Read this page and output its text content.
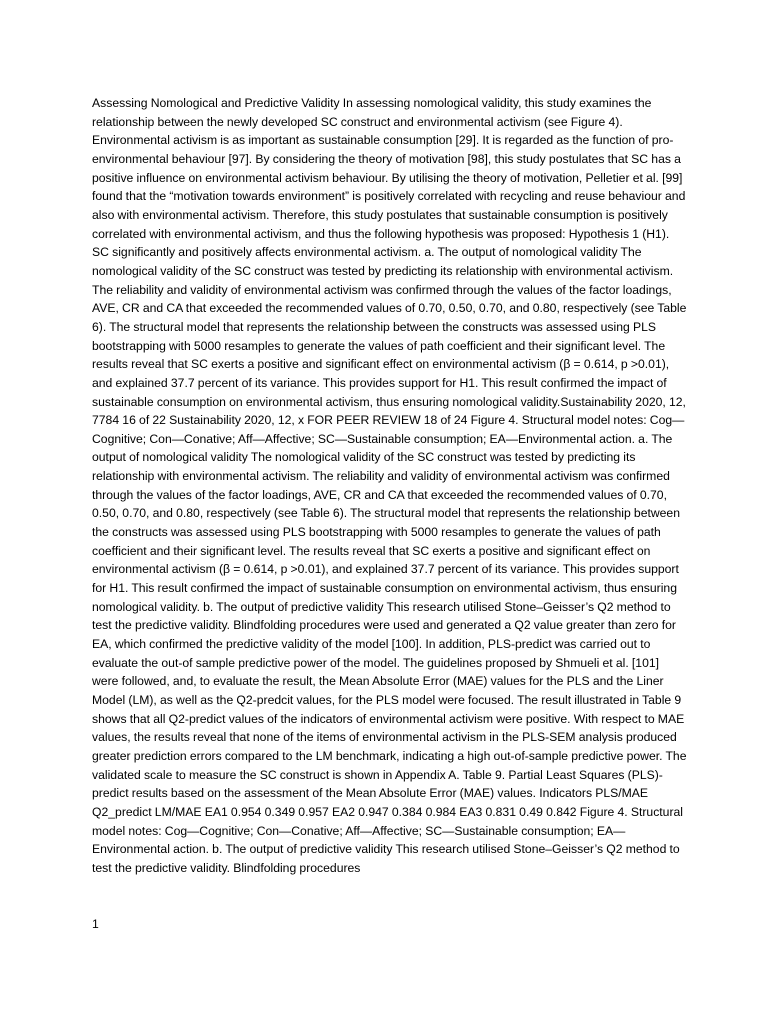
Assessing Nomological and Predictive Validity In assessing nomological validity, this study examines the relationship between the newly developed SC construct and environmental activism (see Figure 4). Environmental activism is as important as sustainable consumption [29]. It is regarded as the function of pro-environmental behaviour [97]. By considering the theory of motivation [98], this study postulates that SC has a positive influence on environmental activism behaviour. By utilising the theory of motivation, Pelletier et al. [99] found that the “motivation towards environment” is positively correlated with recycling and reuse behaviour and also with environmental activism. Therefore, this study postulates that sustainable consumption is positively correlated with environmental activism, and thus the following hypothesis was proposed: Hypothesis 1 (H1). SC significantly and positively affects environmental activism. a. The output of nomological validity The nomological validity of the SC construct was tested by predicting its relationship with environmental activism. The reliability and validity of environmental activism was confirmed through the values of the factor loadings, AVE, CR and CA that exceeded the recommended values of 0.70, 0.50, 0.70, and 0.80, respectively (see Table 6). The structural model that represents the relationship between the constructs was assessed using PLS bootstrapping with 5000 resamples to generate the values of path coefficient and their significant level. The results reveal that SC exerts a positive and significant effect on environmental activism (β = 0.614, p >0.01), and explained 37.7 percent of its variance. This provides support for H1. This result confirmed the impact of sustainable consumption on environmental activism, thus ensuring nomological validity.Sustainability 2020, 12, 7784 16 of 22 Sustainability 2020, 12, x FOR PEER REVIEW 18 of 24 Figure 4. Structural model notes: Cog—Cognitive; Con—Conative; Aff—Affective; SC—Sustainable consumption; EA—Environmental action. a. The output of nomological validity The nomological validity of the SC construct was tested by predicting its relationship with environmental activism. The reliability and validity of environmental activism was confirmed through the values of the factor loadings, AVE, CR and CA that exceeded the recommended values of 0.70, 0.50, 0.70, and 0.80, respectively (see Table 6). The structural model that represents the relationship between the constructs was assessed using PLS bootstrapping with 5000 resamples to generate the values of path coefficient and their significant level. The results reveal that SC exerts a positive and significant effect on environmental activism (β = 0.614, p >0.01), and explained 37.7 percent of its variance. This provides support for H1. This result confirmed the impact of sustainable consumption on environmental activism, thus ensuring nomological validity. b. The output of predictive validity This research utilised Stone–Geisser’s Q2 method to test the predictive validity. Blindfolding procedures were used and generated a Q2 value greater than zero for EA, which confirmed the predictive validity of the model [100]. In addition, PLS-predict was carried out to evaluate the out-of sample predictive power of the model. The guidelines proposed by Shmueli et al. [101] were followed, and, to evaluate the result, the Mean Absolute Error (MAE) values for the PLS and the Liner Model (LM), as well as the Q2-predcit values, for the PLS model were focused. The result illustrated in Table 9 shows that all Q2-predict values of the indicators of environmental activism were positive. With respect to MAE values, the results reveal that none of the items of environmental activism in the PLS-SEM analysis produced greater prediction errors compared to the LM benchmark, indicating a high out-of-sample predictive power. The validated scale to measure the SC construct is shown in Appendix A. Table 9. Partial Least Squares (PLS)-predict results based on the assessment of the Mean Absolute Error (MAE) values. Indicators PLS/MAE Q2_predict LM/MAE EA1 0.954 0.349 0.957 EA2 0.947 0.384 0.984 EA3 0.831 0.49 0.842 Figure 4. Structural model notes: Cog—Cognitive; Con—Conative; Aff—Affective; SC—Sustainable consumption; EA—Environmental action. b. The output of predictive validity This research utilised Stone–Geisser’s Q2 method to test the predictive validity. Blindfolding procedures

1
